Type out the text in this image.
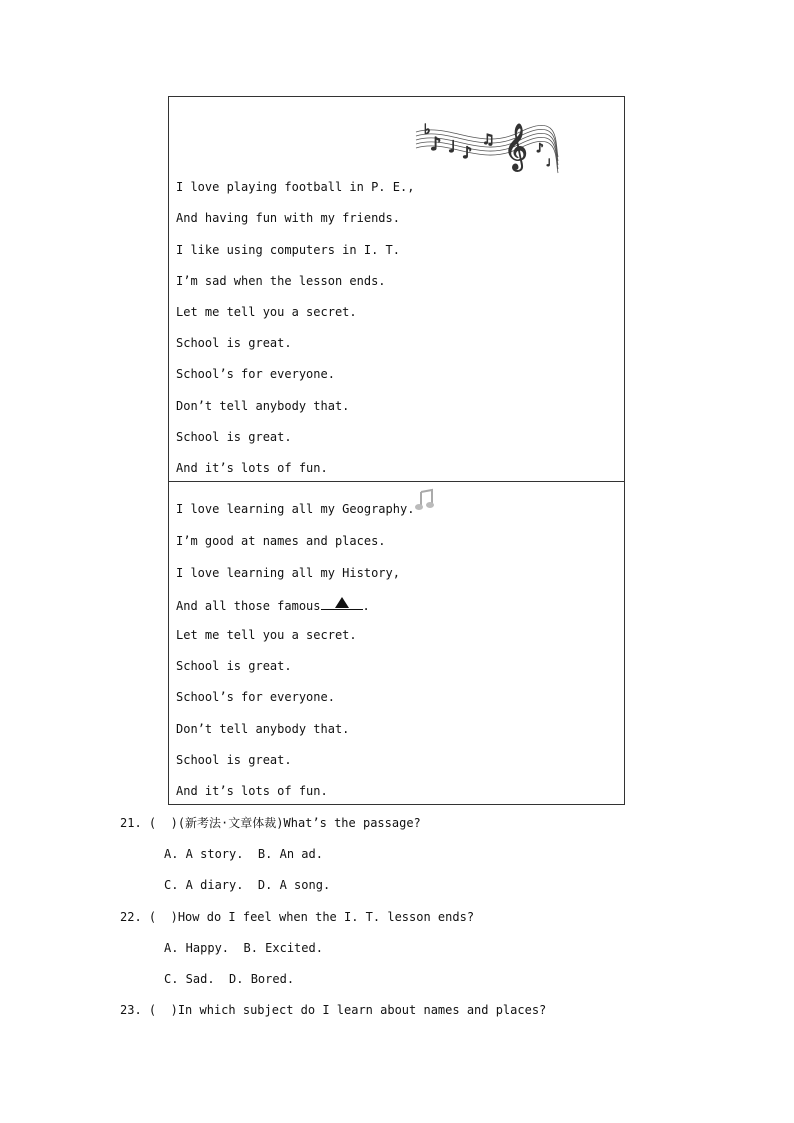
♭
♪ ♩ ♪
♫ 𝄞 ♪
♩
I love playing football in P. E.,
And having fun with my friends.
I like using computers in I. T.
I’m sad when the lesson ends.
Let me tell you a secret.
School is great.
School’s for everyone.
Don’t tell anybody that.
School is great.
And it’s lots of fun.
I love learning all my Geography.
I’m good at names and places.
I love learning all my History,
And all those famous	.
Let me tell you a secret.
School is great.
School’s for everyone.
Don’t tell anybody that.
School is great.
And it’s lots of fun.
21. (  )(新考法·文章体裁)What’s the passage?
A. A story.  B. An ad.
C. A diary.  D. A song.
22. (  )How do I feel when the I. T. lesson ends?
A. Happy.  B. Excited.
C. Sad.  D. Bored.
23. (  )In which subject do I learn about names and places?
